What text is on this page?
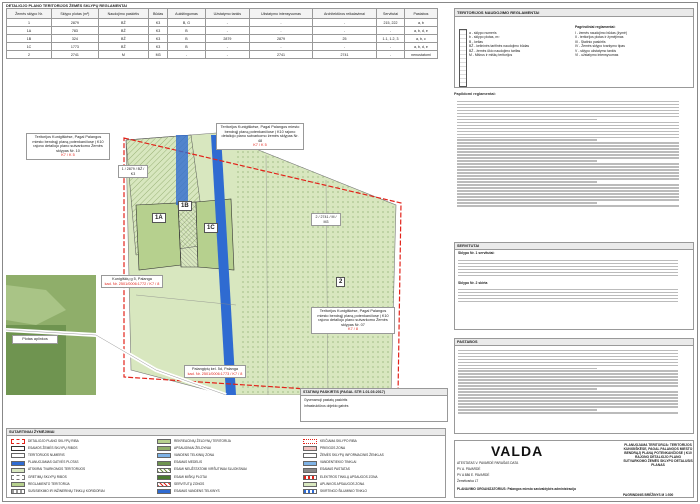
DETALIOJO PLANO TERITORIJOS ŽEMĖS SKLYPŲ REGLAMENTAI
Žemės sklypo Nr.	Sklypo plotas (m²)	Naudojimo paskirtis	Būdas	Aukštingumas	Užstatymo tankis	Užstatymo intensyvumas	Architektūros reikalavimai	Servitutai	Pastabos
1	2879	BŽ	K3	B, G	-	-	-	215, 222	a, b
1A	783	BŽ	K3	B	-	-	-	-	a, b, d, e
1B	324	BŽ	K3	B	2879	2879	25	1.1, 1.2, 3	a, b, c
1C	1773	BŽ	K3	B	-	-	-	-	a, b, d, e
2	2741	M	M3	-	-	2741	2741	-	nenustatomi
TERITORIJOS NAUDOJIMO REGLAMENTAI
a - sklypo numeris
b - sklypo plotas, m²
B - kelias
BŽ - kelininės tarifinės naudojimo būdas
BŽ - žemės ūkio naudojimo tarifas
M - Mišrus ir miškų teritorijos
Pagrindiniai reglamentai:
I - žemės naudojimo būdas (žymė)
II - teritorijos plotas ir žymėjimas
III - Statinio paskirtis
IV - Žemės sklypo tvarkymo tipas
V - sklypo užstatymo tankis
VI - užstatymo intensyvumas
Papildomi reglamentai:
SERVITUTAI
Sklypo Nr. 1 servitutai:
Sklypo Nr. 2 skirta
PASTABOS
Teritorijos Kuniglškėse, Pagal Palangos miesto bendrąjį planą potenkančiose į K10 rajono detaliojo plano sutvarkomo Žemės sklypas Nr. 10
K7 / K 5
Teritorijos Kuniglškėse, Pagal Palangos miesto bendrąjį planą potenkančiose į K10 rajono detaliojo plano sutvarkomo žemės sklypas Nr. 48
K7 / K 5
Teritorijos Kuniglškėse, Pagal Palangos miesto bendrąjį planą potenkančiose į K10 rajono detaliojo plano sutvarkomo Žemės sklypas Nr. 07
K7 / 8
Kuniglškių g 5, Palanga
kad. Nr. 2501/0006:1772 / K7 / 8
Palangipių kel. 5d, Palanga
kad. Nr. 2501/0006:1773 / K7 / 8
Plotas aplinkos
1 / 2879 / BŽ / K3
2 / 2741 / M / M3
1A
1B
1C
2
STATINIŲ PASKIRTIS (PAGAL STR 1.01.03:2017)
Gyvenamoji pastatų paskirtis
Infrastruktūros objekto gatvės
SUTARTINIAI ŽYMĖJIMAI
DETALIOJO PLANO SKLYPŲ RIBA
ESAMOS ŽEMĖS SKLYPŲ RIBOS
TERITORIJOS NUMERIS
PLANUOJAMAS GATVĖS PLOTAS
ATSKIRAI TVARKOMOS TERITORIJOS
GRETIMŲ SKLYPŲ RIBOS
REGLAMENTO TERITORIJA
SUSISIEKIMO IR INŽINERINIŲ TINKLŲ KORIDORIAI
REKREACINIŲ ŽELDYNŲ TERITORIJA
APSAUGINIAI ŽELDYNAI
VANDENS TELKINIŲ ZONA
ESAMAS MEDELIS
ESAMI NEUŽSTATOMI VIRŠUTINIAI SLUOKSNIAI
ESAMI MIŠKŲ PLOTAI
SERVITUTŲ ZONOS
ESAMAS VANDENS TELKINYS
KEIČIAMA SKLYPO RIBA
PRIEIGOS ZONA
ŽEMĖS SKLYPŲ INFORMACINIS ŽENKLAS
VANDENTIEKIO TINKLAI
ESAMAS PASTATAS
ELEKTROS TINKLŲ APSAUGOS ZONA
APLINKOS APSAUGOS ZONA
SKIRTINGO ŠILUMINIO TINKLO
VALDA
ATESTATAS V. PAVARDĖ PARAŠAS DATA
PV A. PAVARDĖ
PV A 886 E. PAVARDĖ
Žemėtvarka LT
PLANAVIMO ORGANIZATORIUS: Palangos miesto savivaldybės administracija
PLANUOJAMA TERITORIJA: TERITORIJOS KUNIGIŠKĖSE, PAGAL PALANGOS MIESTO BENDRĄJĮ PLANĄ POTENKANČIOSE Į K10 RAJONO DETALIOJO PLANO SUTVARKOMO ŽEMĖS SKLYPO DETALUSIS PLANAS
PAGRINDINIS BRĖŽINYS M 1:500
